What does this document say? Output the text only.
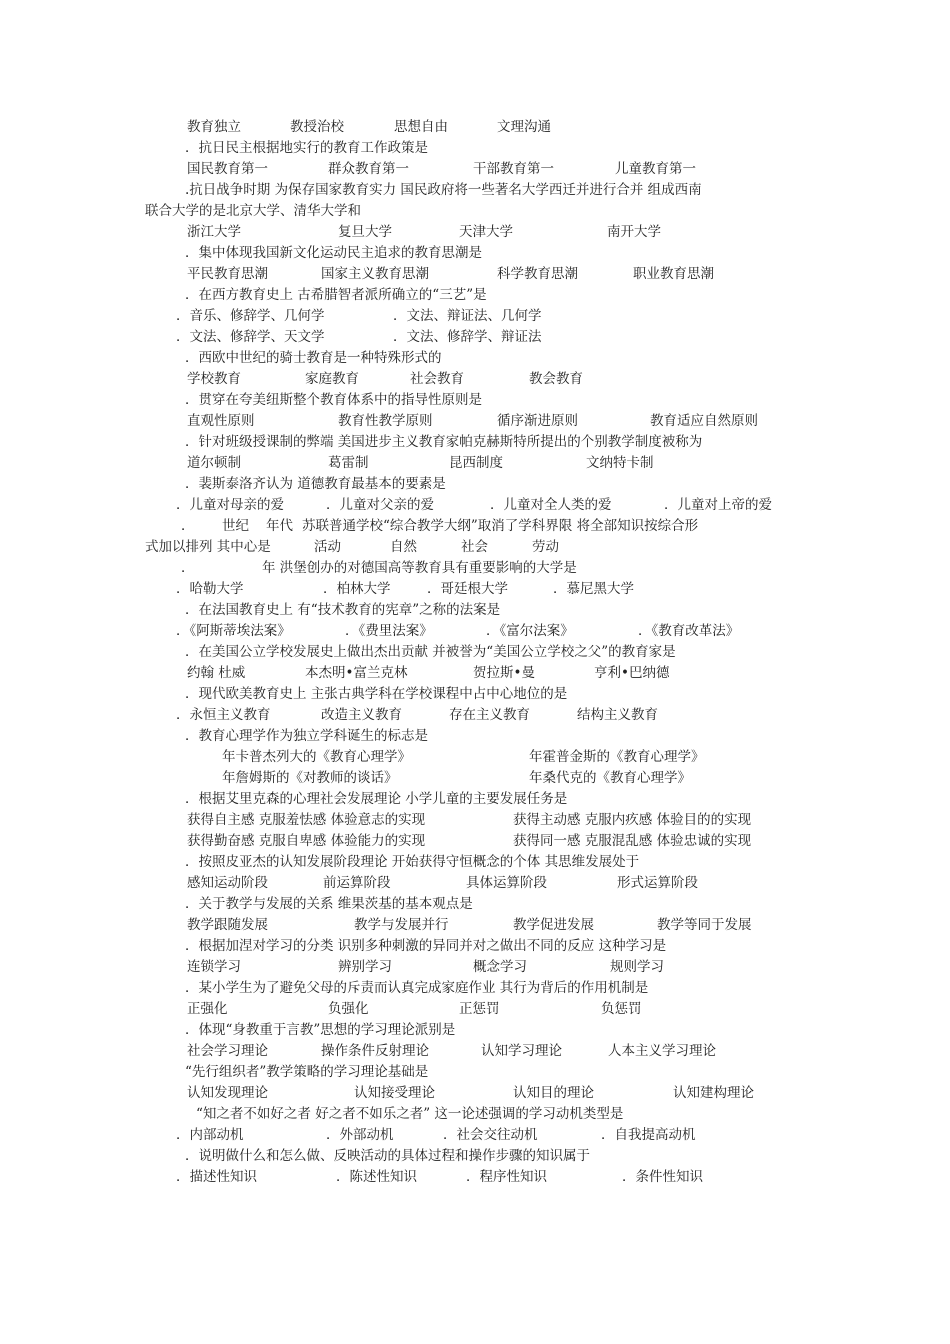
教育独立	教授治校	思想自由	文理沟通
．抗日民主根据地实行的教育工作政策是
国民教育第一	群众教育第一	干部教育第一	儿童教育第一
.抗日战争时期 为保存国家教育实力 国民政府将一些著名大学西迁并进行合并 组成西南
联合大学的是北京大学、清华大学和
浙江大学	复旦大学	天津大学	南开大学
．集中体现我国新文化运动民主追求的教育思潮是
平民教育思潮	国家主义教育思潮	科学教育思潮	职业教育思潮
．在西方教育史上 古希腊智者派所确立的“三艺”是
．音乐、修辞学、几何学	．文法、辩证法、几何学
．文法、修辞学、天文学	．文法、修辞学、辩证法
．西欧中世纪的骑士教育是一种特殊形式的
学校教育	家庭教育	社会教育	教会教育
．贯穿在夸美纽斯整个教育体系中的指导性原则是
直观性原则	教育性教学原则	循序渐进原则	教育适应自然原则
．针对班级授课制的弊端 美国进步主义教育家帕克赫斯特所提出的个别教学制度被称为
道尔顿制	葛雷制	昆西制度	文纳特卡制
．裴斯泰洛齐认为 道德教育最基本的要素是
．儿童对母亲的爱	．儿童对父亲的爱	．儿童对全人类的爱	．儿童对上帝的爱
． 世纪 年代 苏联普通学校“综合教学大纲”取消了学科界限 将全部知识按综合形
式加以排列 其中心是	活动	自然	社会	劳动
．	年 洪堡创办的对德国高等教育具有重要影响的大学是
．哈勒大学	．柏林大学	．哥廷根大学	．慕尼黑大学
．在法国教育史上 有“技术教育的宪章”之称的法案是
．《阿斯蒂埃法案》	．《费里法案》	．《富尔法案》	．《教育改革法》
．在美国公立学校发展史上做出杰出贡献 并被誉为“美国公立学校之父”的教育家是
约翰 杜威	本杰明•富兰克林	贺拉斯•曼	亨利•巴纳德
．现代欧美教育史上 主张古典学科在学校课程中占中心地位的是
．永恒主义教育	改造主义教育	存在主义教育	结构主义教育
．教育心理学作为独立学科诞生的标志是
年卡普杰列大的《教育心理学》	年霍普金斯的《教育心理学》
年詹姆斯的《对教师的谈话》	年桑代克的《教育心理学》
．根据艾里克森的心理社会发展理论 小学儿童的主要发展任务是
获得自主感 克服羞怯感 体验意志的实现	获得主动感 克服内疚感 体验目的的实现
获得勤奋感 克服自卑感 体验能力的实现	获得同一感 克服混乱感 体验忠诚的实现
．按照皮亚杰的认知发展阶段理论 开始获得守恒概念的个体 其思维发展处于
感知运动阶段	前运算阶段	具体运算阶段	形式运算阶段
．关于教学与发展的关系 维果茨基的基本观点是
教学跟随发展	教学与发展并行	教学促进发展	教学等同于发展
．根据加涅对学习的分类 识别多种刺激的异同并对之做出不同的反应 这种学习是
连锁学习	辨别学习	概念学习	规则学习
．某小学生为了避免父母的斥责而认真完成家庭作业 其行为背后的作用机制是
正强化	负强化	正惩罚	负惩罚
．体现“身教重于言教”思想的学习理论派别是
社会学习理论	操作条件反射理论	认知学习理论	人本主义学习理论
“先行组织者”教学策略的学习理论基础是
认知发现理论	认知接受理论	认知目的理论	认知建构理论
“知之者不如好之者 好之者不如乐之者” 这一论述强调的学习动机类型是
．内部动机	．外部动机	．社会交往动机	．自我提高动机
．说明做什么和怎么做、反映活动的具体过程和操作步骤的知识属于
．描述性知识	．陈述性知识	．程序性知识	．条件性知识
